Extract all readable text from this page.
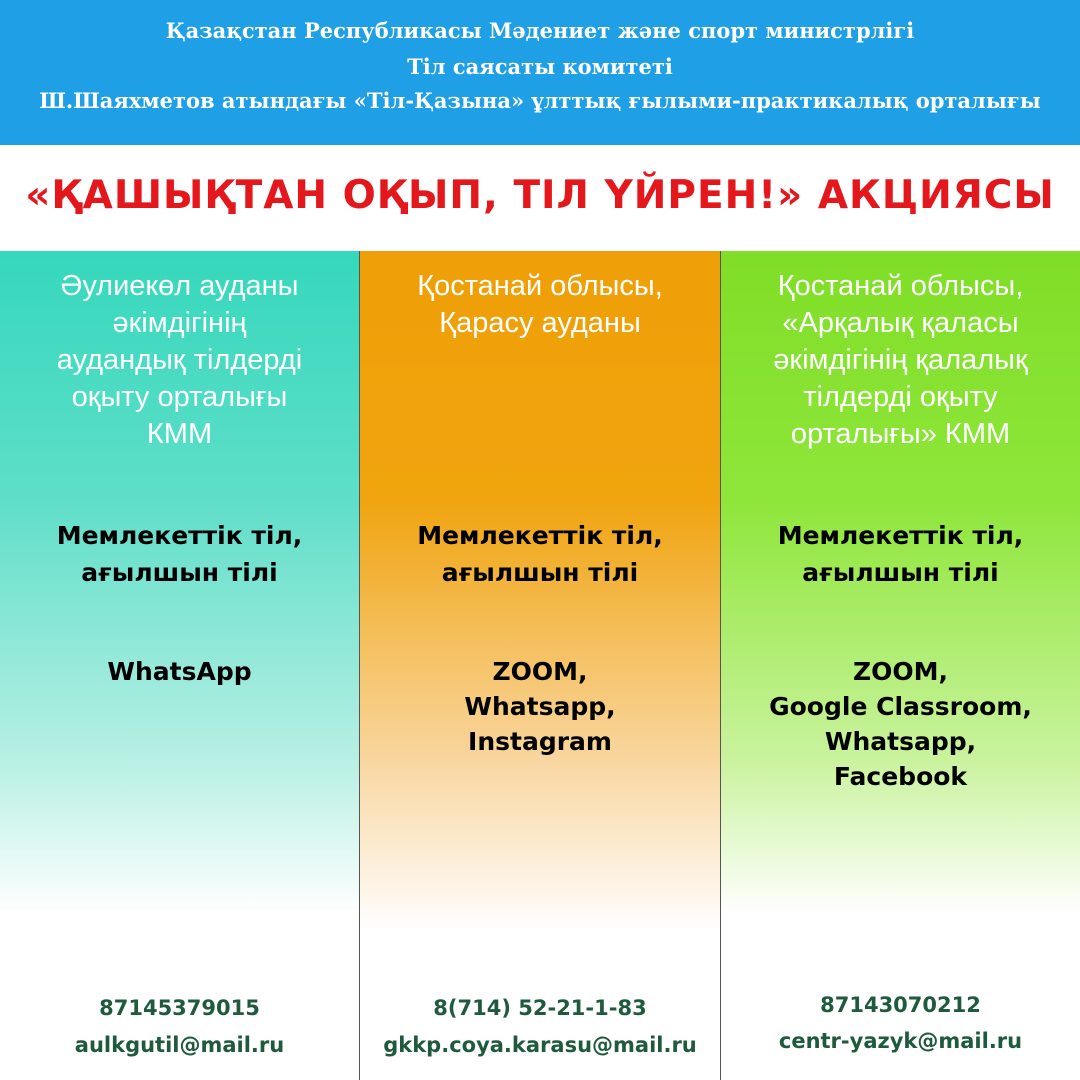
Қазақстан Республикасы Мәдениет және спорт министрлігі
Тіл саясаты комитеті
Ш.Шаяхметов атындағы «Тіл-Қазына» ұлттық ғылыми-практикалық орталығы
«ҚАШЫҚТАН ОҚЫП, ТІЛ ҮЙРЕН!» АКЦИЯСЫ
Әулиекөл ауданы
әкімдігінің
аудандық тілдерді
оқыту орталығы
КММ
Мемлекеттік тіл,
ағылшын тілі
WhatsApp
87145379015
aulkgutil@mail.ru
Қостанай облысы,
Қарасу ауданы
Мемлекеттік тіл,
ағылшын тілі
ZOOM,
Whatsapp,
Instagram
8(714) 52-21-1-83
gkkp.coya.karasu@mail.ru
Қостанай облысы,
«Арқалық қаласы
әкімдігінің қалалық
тілдерді оқыту
орталығы» КММ
Мемлекеттік тіл,
ағылшын тілі
ZOOM,
Google Classroom,
Whatsapp,
Facebook
87143070212
centr-yazyk@mail.ru
